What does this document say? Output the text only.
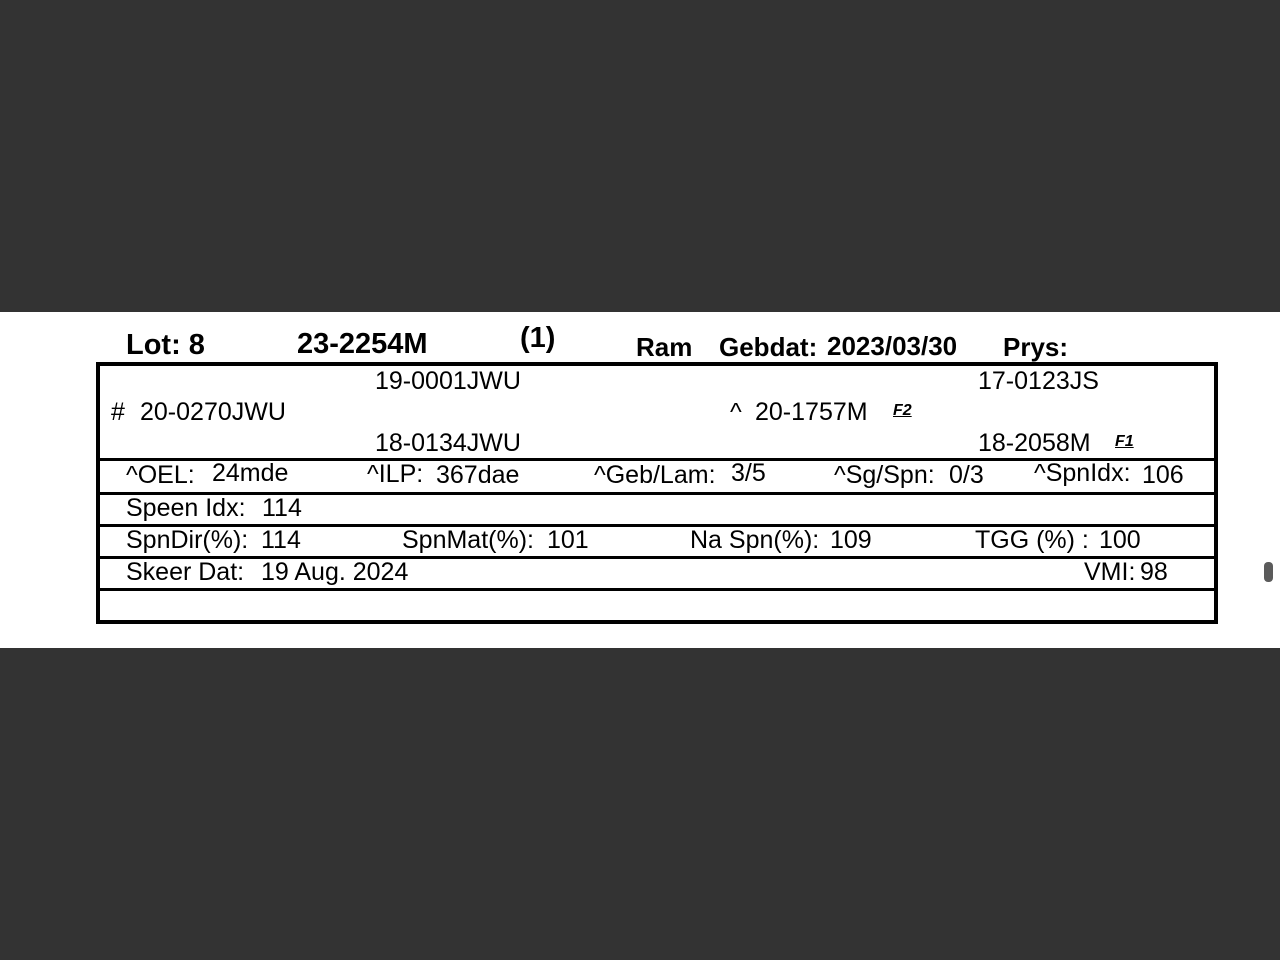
Lot: 8	23-2254M	(1)	Ram Gebdat: 2023/03/30 Prys:
19-0001JWU
# 20-0270JWU
18-0134JWU
^ 20-1757M F2
17-0123JS
18-2058M F1
^OEL: 24mde	^ILP: 367dae	^Geb/Lam: 3/5	^Sg/Spn: 0/3 ^SpnIdx: 106
Speen Idx: 114
SpnDir(%): 114	SpnMat(%): 101	Na Spn(%): 109	TGG (%) : 100
Skeer Dat: 19 Aug. 2024	VMI: 98
